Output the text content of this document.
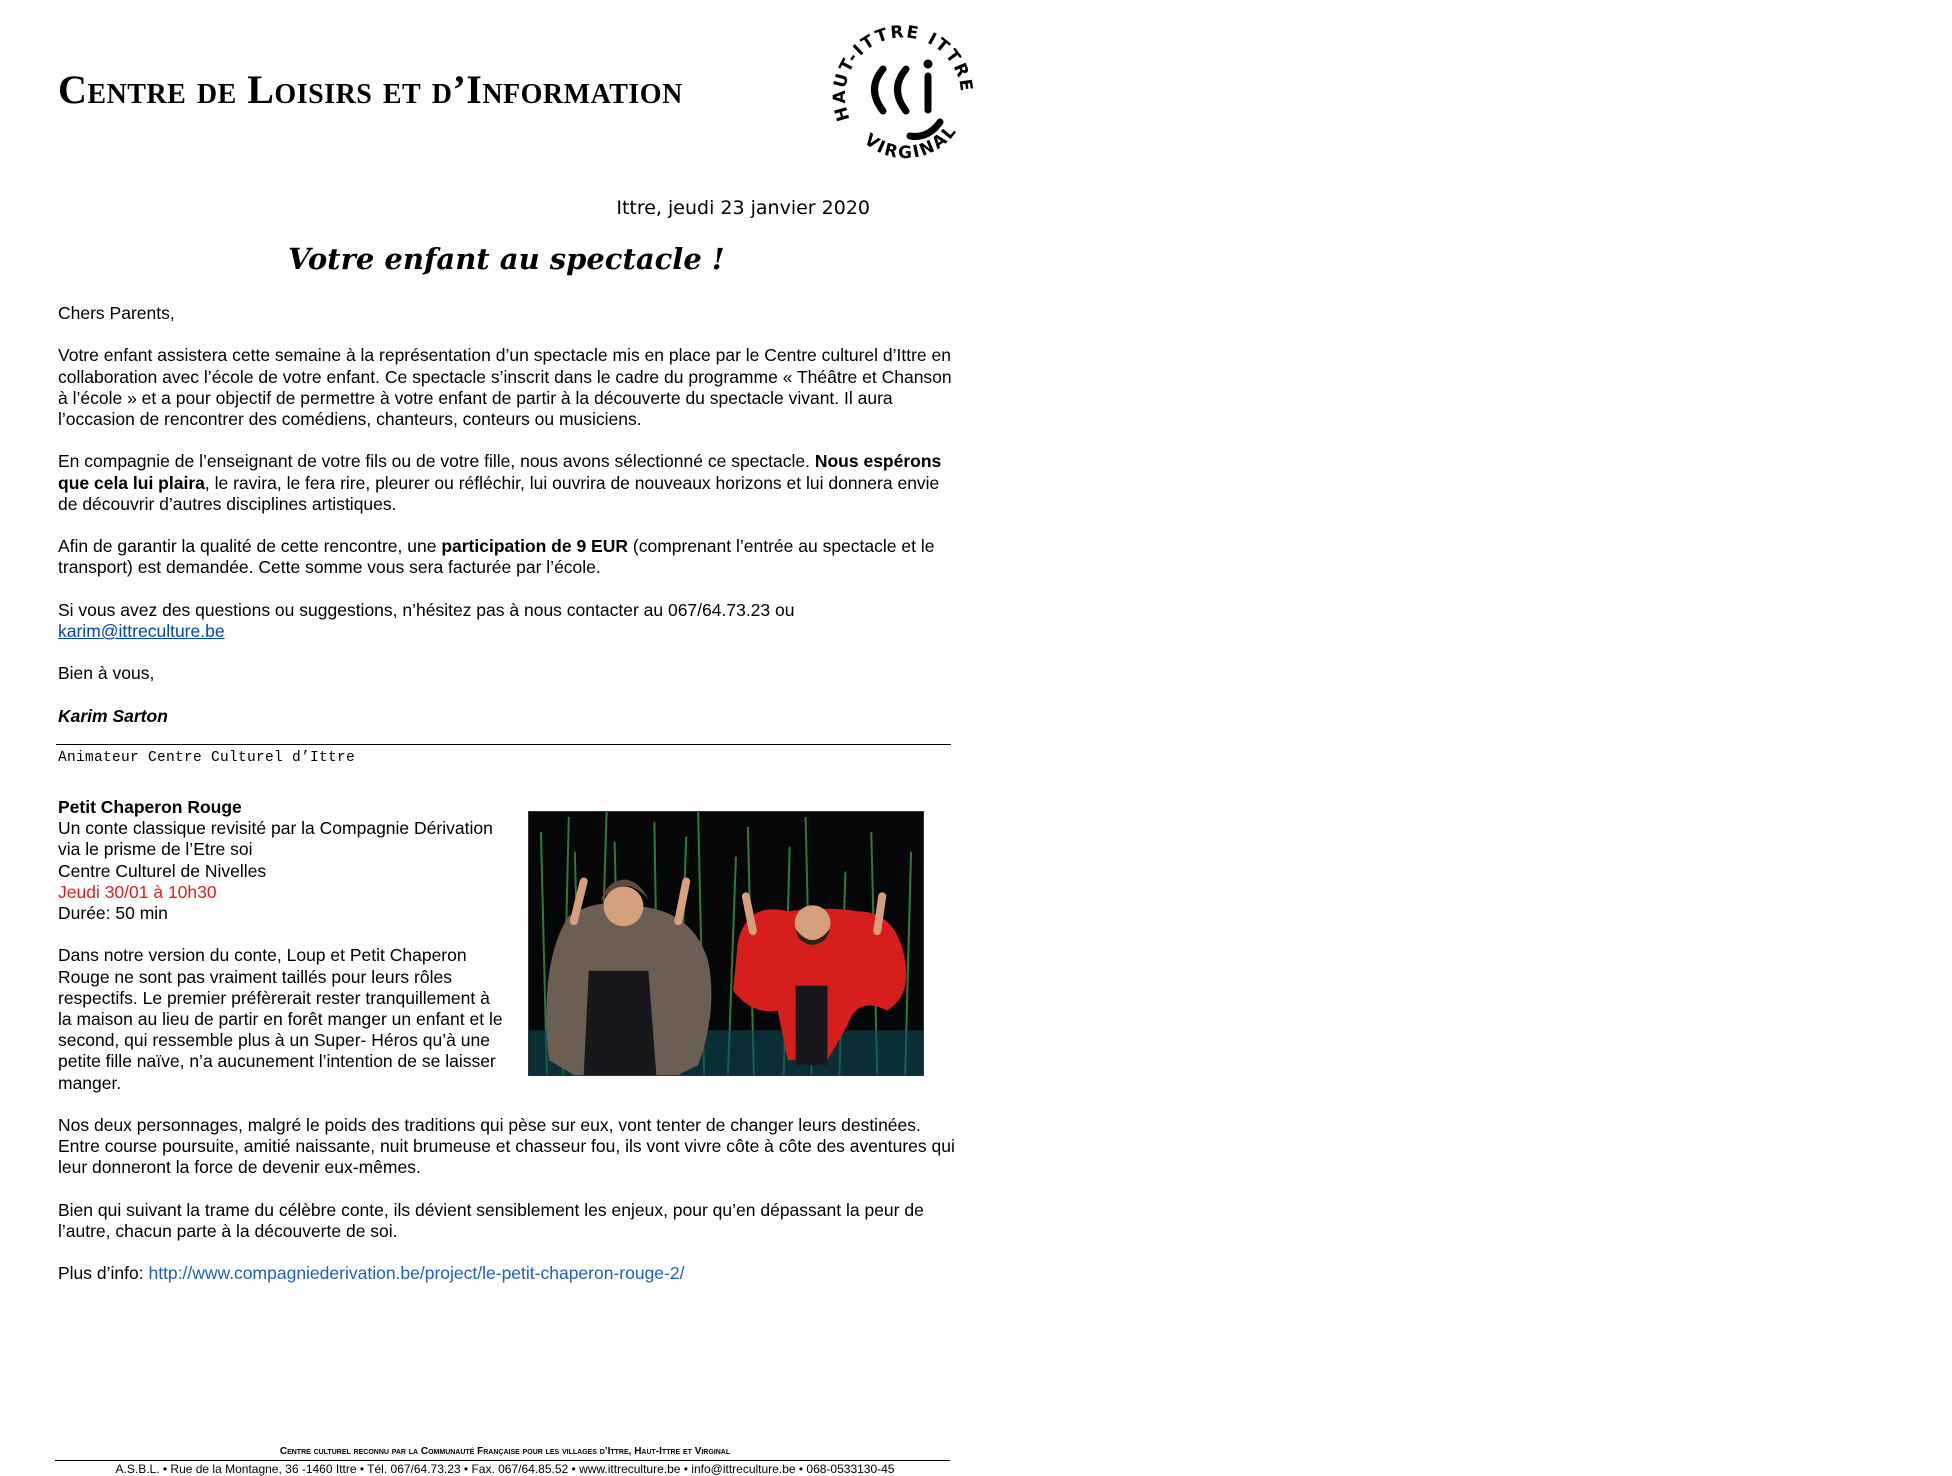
Centre de Loisirs et d’Information
HAUT-ITTRE ITTRE
VIRGINAL
Ittre, jeudi 23 janvier 2020
Votre enfant au spectacle !

Chers Parents,

Votre enfant assistera cette semaine à la représentation d’un spectacle mis en place par le Centre culturel d’Ittre en collaboration avec l’école de votre enfant. Ce spectacle s’inscrit dans le cadre du programme « Théâtre et Chanson à l’école » et a pour objectif de permettre à votre enfant de partir à la découverte du spectacle vivant. Il aura l’occasion de rencontrer des comédiens, chanteurs, conteurs ou musiciens.

En compagnie de l’enseignant de votre fils ou de votre fille, nous avons sélectionné ce spectacle. Nous espérons que cela lui plaira, le ravira, le fera rire, pleurer ou réfléchir, lui ouvrira de nouveaux horizons et lui donnera envie de découvrir d’autres disciplines artistiques.

Afin de garantir la qualité de cette rencontre, une participation de 9 EUR (comprenant l’entrée au spectacle et le transport) est demandée. Cette somme vous sera facturée par l’école.

Si vous avez des questions ou suggestions, n’hésitez pas à nous contacter au 067/64.73.23 ou
karim@ittreculture.be

Bien à vous,

Karim Sarton

Animateur Centre Culturel d’Ittre

Petit Chaperon Rouge
Un conte classique revisité par la Compagnie Dérivation via le prisme de l’Etre soi
Centre Culturel de Nivelles
Jeudi 30/01 à 10h30
Durée: 50 min

Dans notre version du conte, Loup et Petit Chaperon Rouge ne sont pas vraiment taillés pour leurs rôles respectifs. Le premier préfèrerait rester tranquillement à la maison au lieu de partir en forêt manger un enfant et le second, qui ressemble plus à un Super- Héros qu’à une petite fille naïve, n’a aucunement l’intention de se laisser manger.

Nos deux personnages, malgré le poids des traditions qui pèse sur eux, vont tenter de changer leurs destinées. Entre course poursuite, amitié naissante, nuit brumeuse et chasseur fou, ils vont vivre côte à côte des aventures qui leur donneront la force de devenir eux-mêmes.

Bien qui suivant la trame du célèbre conte, ils dévient sensiblement les enjeux, pour qu’en dépassant la peur de l’autre, chacun parte à la découverte de soi.

Plus d’info: http://www.compagniederivation.be/project/le-petit-chaperon-rouge-2/

Centre culturel reconnu par la Communauté Française pour les villages d’Ittre, Haut-Ittre et Virginal
A.S.B.L. • Rue de la Montagne, 36 -1460 Ittre • Tél. 067/64.73.23 • Fax. 067/64.85.52 • www.ittreculture.be • info@ittreculture.be • 068-0533130-45
